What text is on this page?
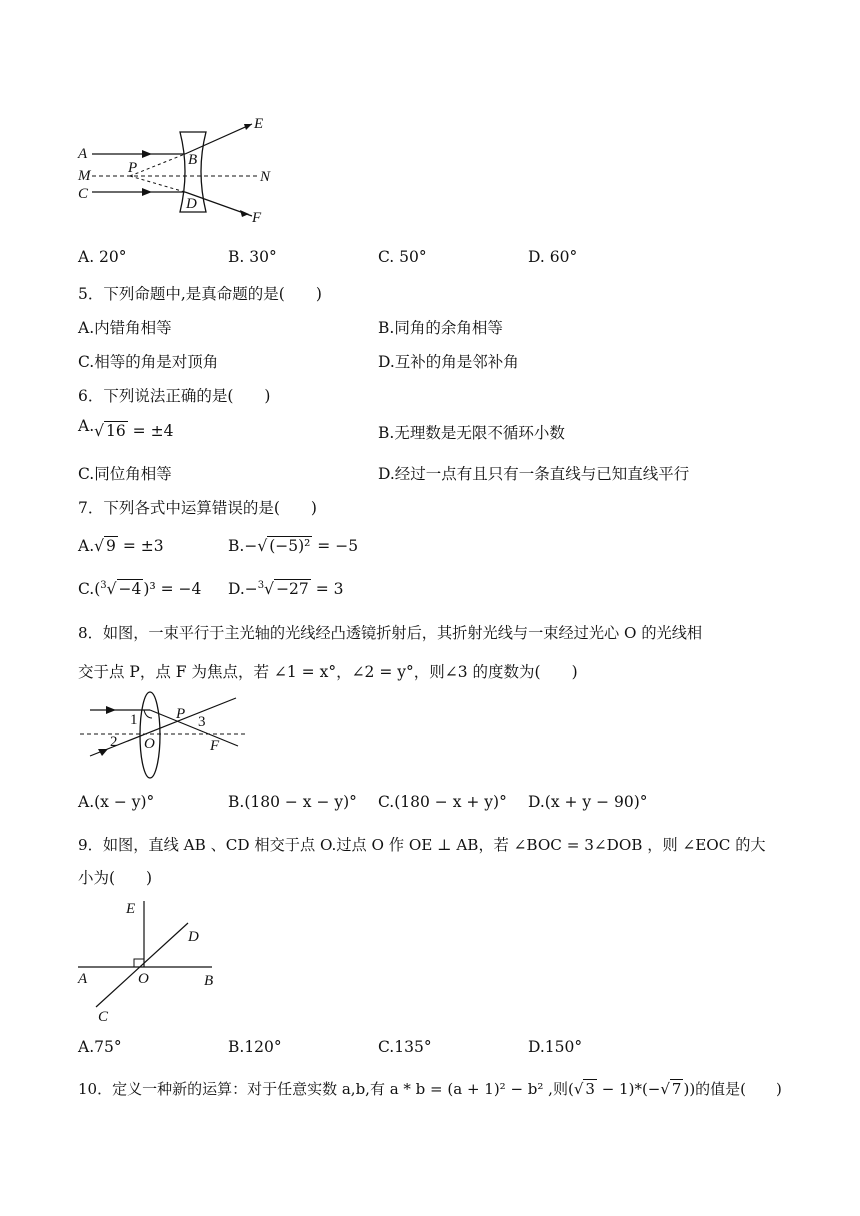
A
M
C
P	B
D
E
F
N
A. 20°	B. 30°	C. 50°	D. 60°
5．下列命题中,是真命题的是(　　)
A.内错角相等	B.同角的余角相等
C.相等的角是对顶角	D.互补的角是邻补角
6．下列说法正确的是(　　)
A.√ 16 = ±4	B.无理数是无限不循环小数
C.同位角相等	D.经过一点有且只有一条直线与已知直线平行
7．下列各式中运算错误的是(　　)
A.√ 9 = ±3	B.−√ (−5)² = −5
C.($^3$√ −4 )³ = −4 D.−$^3$√ −27 = 3
8．如图，一束平行于主光轴的光线经凸透镜折射后，其折射光线与一束经过光心 O 的光线相
交于点 P，点 F 为焦点，若 ∠1 = x°，∠2 = y°，则∠3 的度数为(　　)
1
2
3
P
O	F
A.(x − y)°	B.(180 − x − y)° C.(180 − x + y)° D.(x + y − 90)°
9．如图，直线 AB 、CD 相交于点 O.过点 O 作 OE ⊥ AB，若 ∠BOC = 3∠DOB ，则 ∠EOC 的大
小为(　　)
E
D
A	O	B
C
A.75°	B.120°	C.135°	D.150°
10．定义一种新的运算：对于任意实数 a,b,有 a * b = (a + 1)² − b² ,则(√ 3 − 1)*(−√ 7 ))的值是(　　)
